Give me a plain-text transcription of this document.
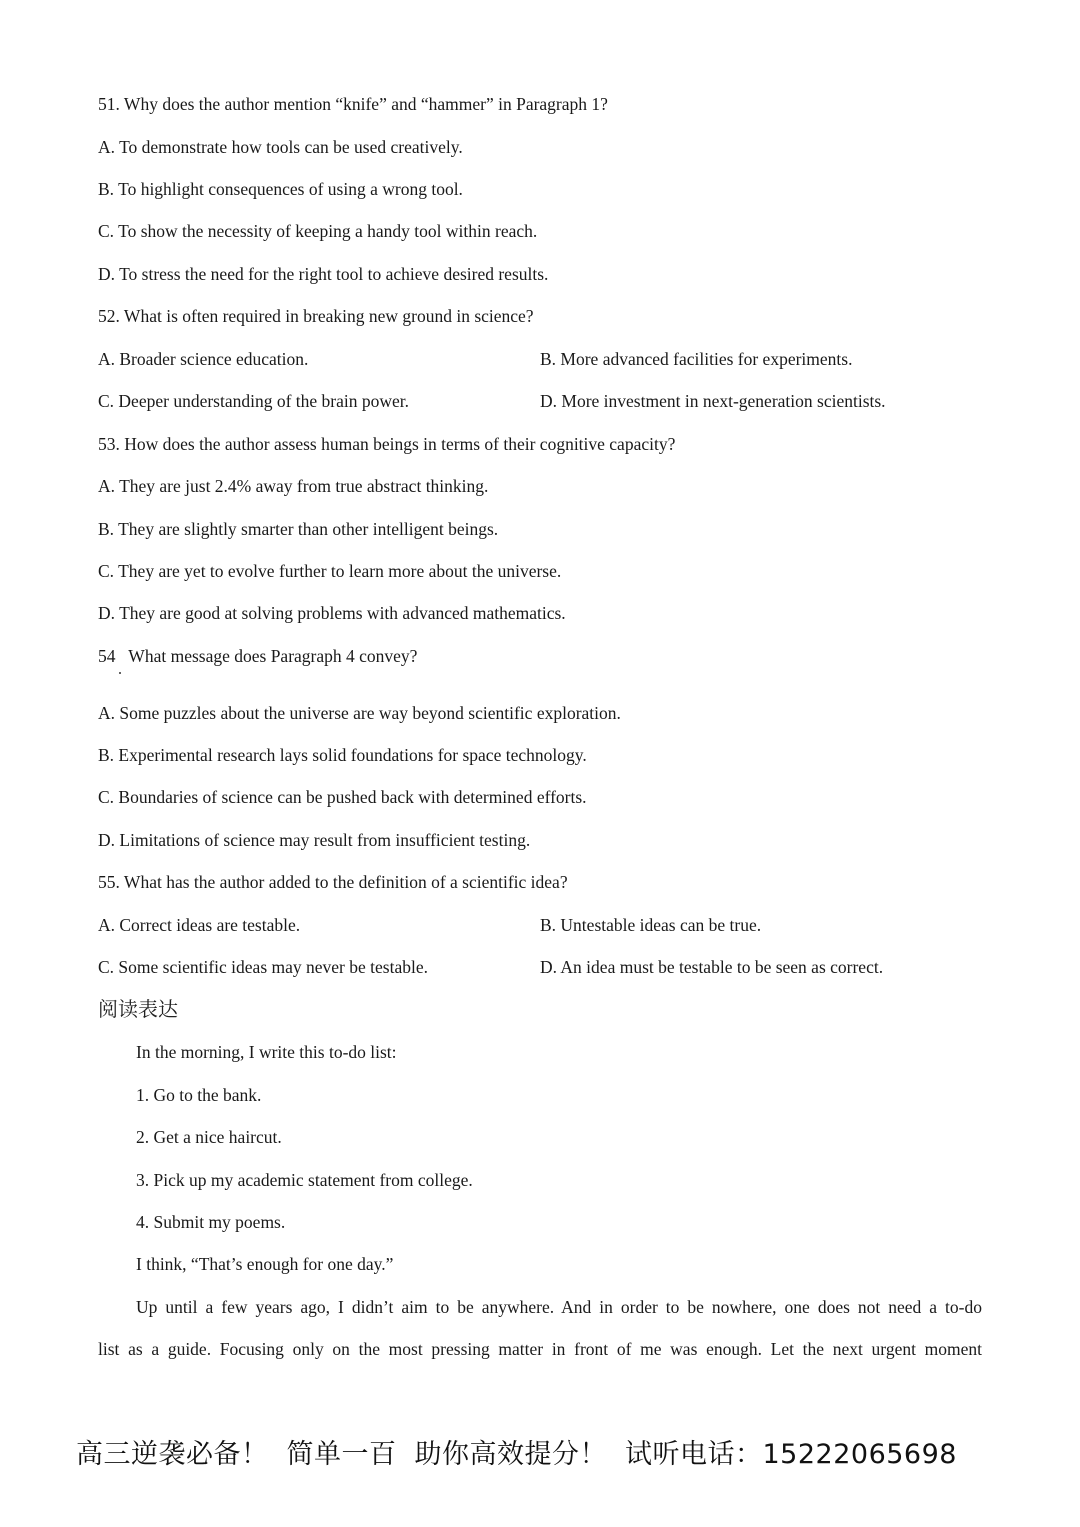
51. Why does the author mention “knife” and “hammer” in Paragraph 1?
A. To demonstrate how tools can be used creatively.
B. To highlight consequences of using a wrong tool.
C. To show the necessity of keeping a handy tool within reach.
D. To stress the need for the right tool to achieve desired results.
52. What is often required in breaking new ground in science?
A. Broader science education.	B. More advanced facilities for experiments.
C. Deeper understanding of the brain power.	D. More investment in next-generation scientists.
53. How does the author assess human beings in terms of their cognitive capacity?
A. They are just 2.4% away from true abstract thinking.
B. They are slightly smarter than other intelligent beings.
C. They are yet to evolve further to learn more about the universe.
D. They are good at solving problems with advanced mathematics.
54   What message does Paragraph 4 convey?
A. Some puzzles about the universe are way beyond scientific exploration.
B. Experimental research lays solid foundations for space technology.
C. Boundaries of science can be pushed back with determined efforts.
D. Limitations of science may result from insufficient testing.
55. What has the author added to the definition of a scientific idea?
A. Correct ideas are testable.	B. Untestable ideas can be true.
C. Some scientific ideas may never be testable.	D. An idea must be testable to be seen as correct.
阅读表达
In the morning, I write this to-do list:
1. Go to the bank.
2. Get a nice haircut.
3. Pick up my academic statement from college.
4. Submit my poems.
I think, “That’s enough for one day.”
Up until a few years ago, I didn’t aim to be anywhere. And in order to be nowhere, one does not need a to-do
list as a guide. Focusing only on the most pressing matter in front of me was enough. Let the next urgent moment
高三逆袭必备！ 简单一百 助你高效提分！ 试听电话：15222065698
